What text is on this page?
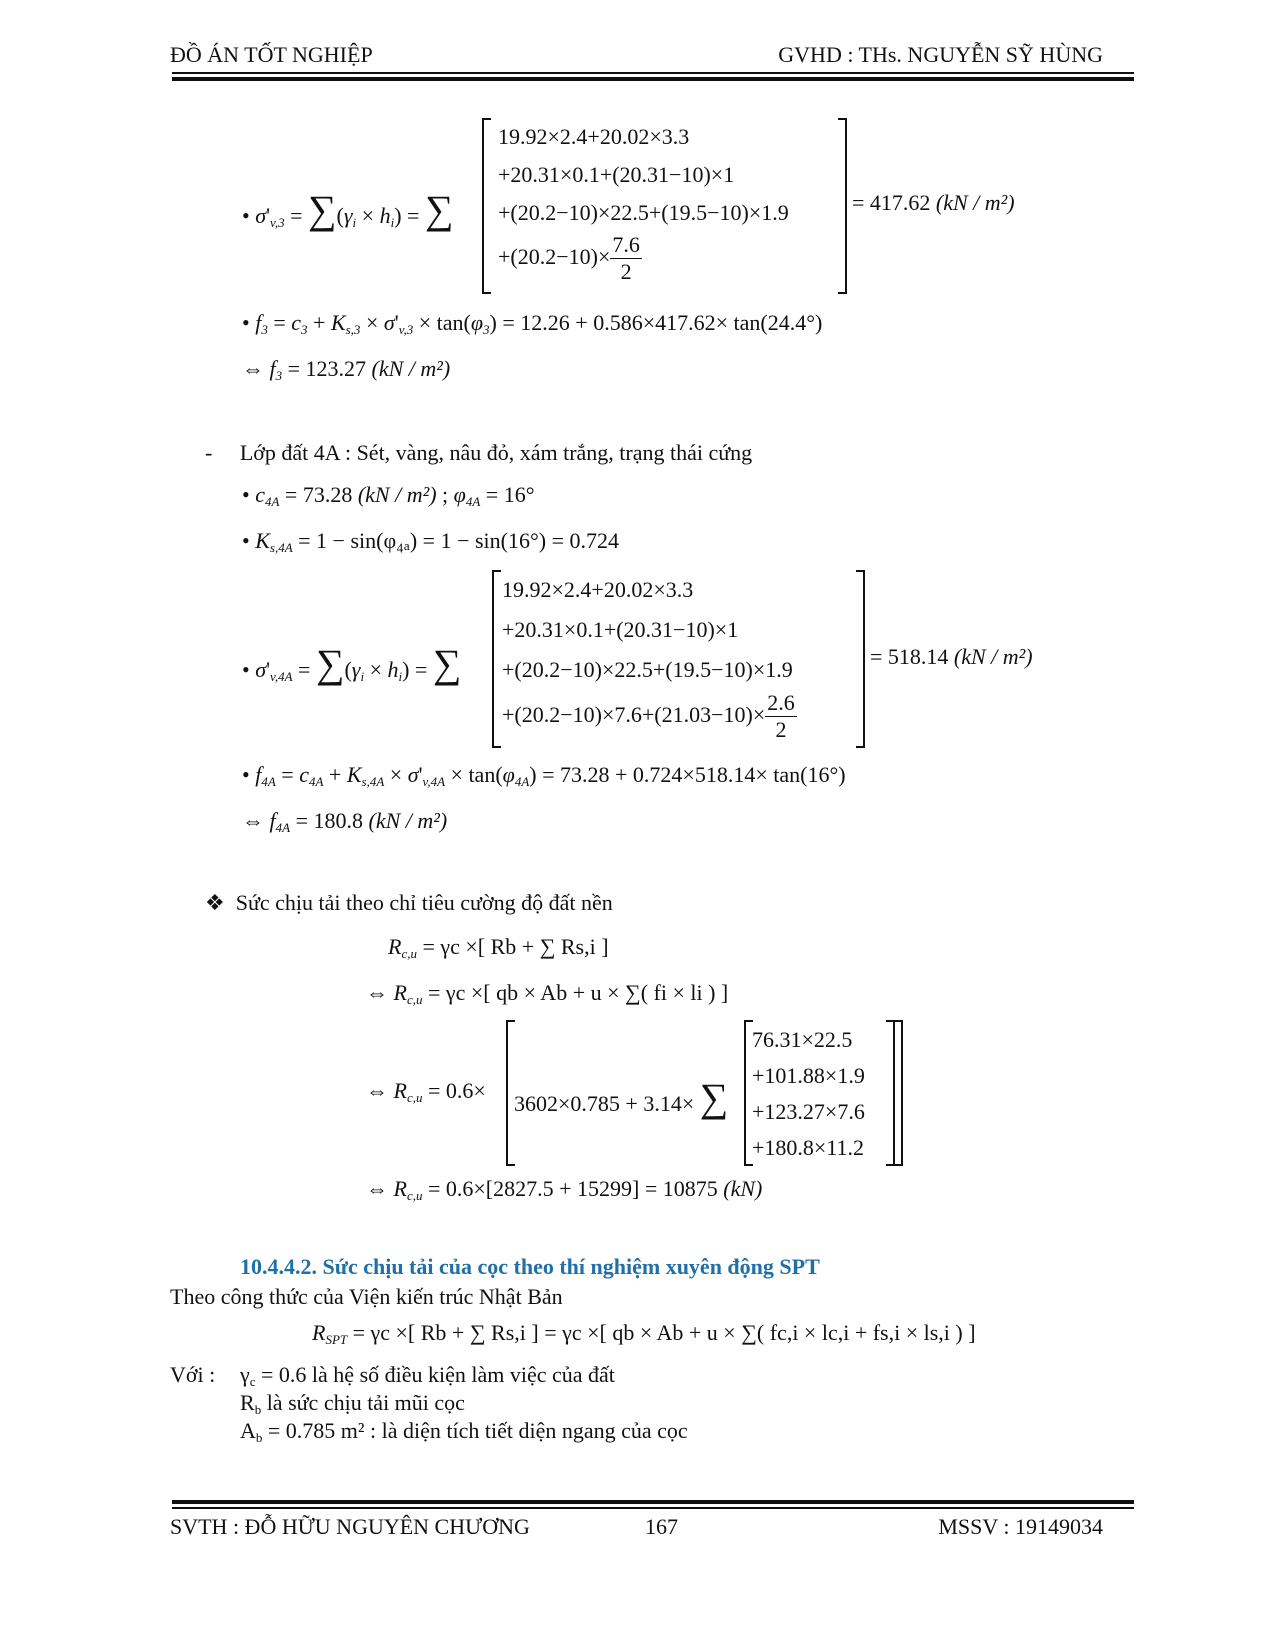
ĐỒ ÁN TỐT NGHIỆP	GVHD : THs. NGUYỄN SỸ HÙNG
• $\sigma'_{v,3} = \sum(\gamma_i \times h_i)$ = ∑
19.92×2.4+20.02×3.3
+20.31×0.1+(20.31−10)×1
+(20.2−10)×22.5+(19.5−10)×1.9
$+(20.2-10)\times \frac{7.6}{2}$
= 417.62 (kN / m²)
• $f_3 = c_3 + K_{s,3} \times \sigma'_{v,3} \times \tan(\varphi_3) = 12.26 + 0.586\times 417.62\times \tan(24.4^\circ)$
⇔ $f_3 = 123.27$ (kN / m²)
-     Lớp đất 4A : Sét, vàng, nâu đỏ, xám trắng, trạng thái cứng
• $c_{4A} = 73.28$ (kN / m²) ; $\varphi_{4A} = 16^\circ$
• $K_{s,4A} = 1 - \sin(\varphi_{4a}) = 1 - \sin(16^\circ) = 0.724$
• $\sigma'_{v,4A} = \sum(\gamma_i \times h_i)$ = ∑
19.92×2.4+20.02×3.3
+20.31×0.1+(20.31−10)×1
+(20.2−10)×22.5+(19.5−10)×1.9
$+(20.2-10)\times 7.6+(21.03-10)\times \frac{2.6}{2}$
= 518.14 (kN / m²)
• $f_{4A} = c_{4A} + K_{s,4A} \times \sigma'_{v,4A} \times \tan(\varphi_{4A}) = 73.28 + 0.724\times 518.14\times \tan(16^\circ)$
⇔ $f_{4A} = 180.8$ (kN / m²)
❖ Sức chịu tải theo chỉ tiêu cường độ đất nền
$R_{c,u} = \gamma c$ ×[ Rb + ∑ Rs,i ]
⇔ $R_{c,u} = \gamma c$ ×[ qb × Ab + u × ∑( fi × li ) ]
⇔ $R_{c,u} = 0.6\times$
3602×0.785 + 3.14× ∑
76.31×22.5
+101.88×1.9
+123.27×7.6
+180.8×11.2
⇔ $R_{c,u} = 0.6\times[2827.5 + 15299] = 10875$ (kN)
10.4.4.2. Sức chịu tải của cọc theo thí nghiệm xuyên động SPT
Theo công thức của Viện kiến trúc Nhật Bản
$R_{SPT} = \gamma c$ ×[ Rb + ∑ Rs,i ] = γc ×[ qb × Ab + u × ∑( fc,i × lc,i + fs,i × ls,i ) ]
Với : $\gamma_c = 0.6$ là hệ số điều kiện làm việc của đất
$R_b$ là sức chịu tải mũi cọc
$A_b = 0.785$ m² : là diện tích tiết diện ngang của cọc
SVTH : ĐỖ HỮU NGUYÊN CHƯƠNG	167	MSSV : 19149034
